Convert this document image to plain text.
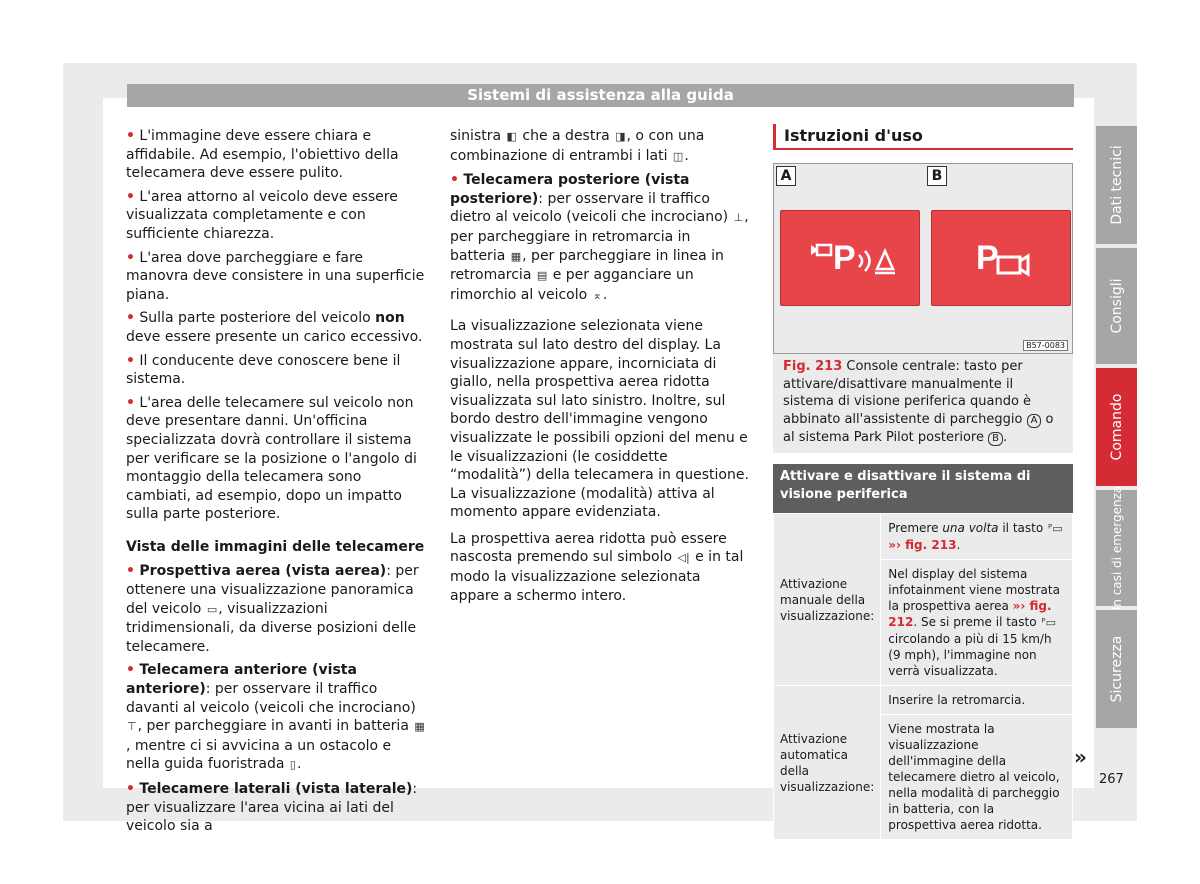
Sistemi di assistenza alla guida

• L'immagine deve essere chiara e affidabile. Ad esempio, l'obiettivo della telecamera deve essere pulito.

• L'area attorno al veicolo deve essere visualizzata completamente e con sufficiente chiarezza.

• L'area dove parcheggiare e fare manovra deve consistere in una superficie piana.

• Sulla parte posteriore del veicolo non deve essere presente un carico eccessivo.

• Il conducente deve conoscere bene il sistema.

• L'area delle telecamere sul veicolo non deve presentare danni. Un'officina specializzata dovrà controllare il sistema per verificare se la posizione o l'angolo di montaggio della telecamera sono cambiati, ad esempio, dopo un impatto sulla parte posteriore.

Vista delle immagini delle telecamere

• Prospettiva aerea (vista aerea): per ottenere una visualizzazione panoramica del veicolo ▭, visualizzazioni tridimensionali, da diverse posizioni delle telecamere.

• Telecamera anteriore (vista anteriore): per osservare il traffico davanti al veicolo (veicoli che incrociano) ⊤, per parcheggiare in avanti in batteria ▦, mentre ci si avvicina a un ostacolo e nella guida fuoristrada ▯.

• Telecamere laterali (vista laterale): per visualizzare l'area vicina ai lati del veicolo sia a

sinistra ◧ che a destra ◨, o con una combinazione di entrambi i lati ◫.

• Telecamera posteriore (vista posteriore): per osservare il traffico dietro al veicolo (veicoli che incrociano) ⊥, per parcheggiare in retromarcia in batteria ▦, per parcheggiare in linea in retromarcia ▤ e per agganciare un rimorchio al veicolo ⌅.

La visualizzazione selezionata viene mostrata sul lato destro del display. La visualizzazione appare, incorniciata di giallo, nella prospettiva aerea ridotta visualizzata sul lato sinistro. Inoltre, sul bordo destro dell'immagine vengono visualizzate le possibili opzioni del menu e le visualizzazioni (le cosiddette “modalità”) della telecamera in questione. La visualizzazione (modalità) attiva al momento appare evidenziata.

La prospettiva aerea ridotta può essere nascosta premendo sul simbolo ◁| e in tal modo la visualizzazione selezionata appare a schermo intero.

Istruzioni d'uso
A	B
P	P
B57-0083
Fig. 213 Console centrale: tasto per attivare/disattivare manualmente il sistema di visione periferica quando è abbinato all'assistente di parcheggio A o al sistema Park Pilot posteriore B .
Attivare e disattivare il sistema di visione periferica
Attivazione manuale della visualizzazione:	Premere una volta il tasto ᴾ▭
»› fig. 213.
	Nel display del sistema infotainment viene mostrata la prospettiva aerea »› fig. 212. Se si preme il tasto ᴾ▭ circolando a più di 15 km/h (9 mph), l'immagine non verrà visualizzata.
Attivazione automatica della visualizzazione:	Inserire la retromarcia.
	Viene mostrata la visualizzazione dell'immagine della telecamere dietro al veicolo, nella modalità di parcheggio in batteria, con la prospettiva aerea ridotta.
Dati tecnici
Consigli
Comando
In casi di emergenza
Sicurezza
»
267
